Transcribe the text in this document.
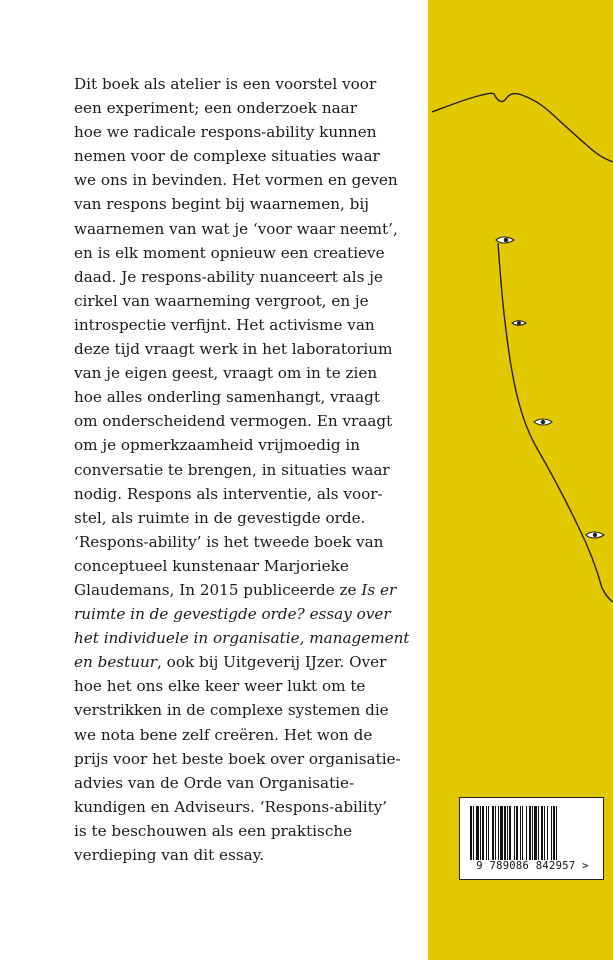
Dit boek als atelier is een voorstel voor
een experiment; een onderzoek naar
hoe we radicale respons-ability kunnen
nemen voor de complexe situaties waar
we ons in bevinden. Het vormen en geven
van respons begint bij waarnemen, bij
waarnemen van wat je ‘voor waar neemt’,
en is elk moment opnieuw een creatieve
daad. Je respons-ability nuanceert als je
cirkel van waarneming vergroot, en je
introspectie verfijnt. Het activisme van
deze tijd vraagt werk in het laboratorium
van je eigen geest, vraagt om in te zien
hoe alles onderling samenhangt, vraagt
om onderscheidend vermogen. En vraagt
om je opmerkzaamheid vrijmoedig in
conversatie te brengen, in situaties waar
nodig. Respons als interventie, als voor-
stel, als ruimte in de gevestigde orde.

‘Respons-ability’ is het tweede boek van
conceptueel kunstenaar Marjorieke
Glaudemans, In 2015 publiceerde ze Is er
ruimte in de gevestigde orde? essay over
het individuele in organisatie, management
en bestuur, ook bij Uitgeverij IJzer. Over
hoe het ons elke keer weer lukt om te
verstrikken in de complexe systemen die
we nota bene zelf creëren. Het won de
prijs voor het beste boek over organisatie-
advies van de Orde van Organisatie-
kundigen en Adviseurs. ‘Respons-ability’
is te beschouwen als een praktische
verdieping van dit essay.

9 789086 842957 >
